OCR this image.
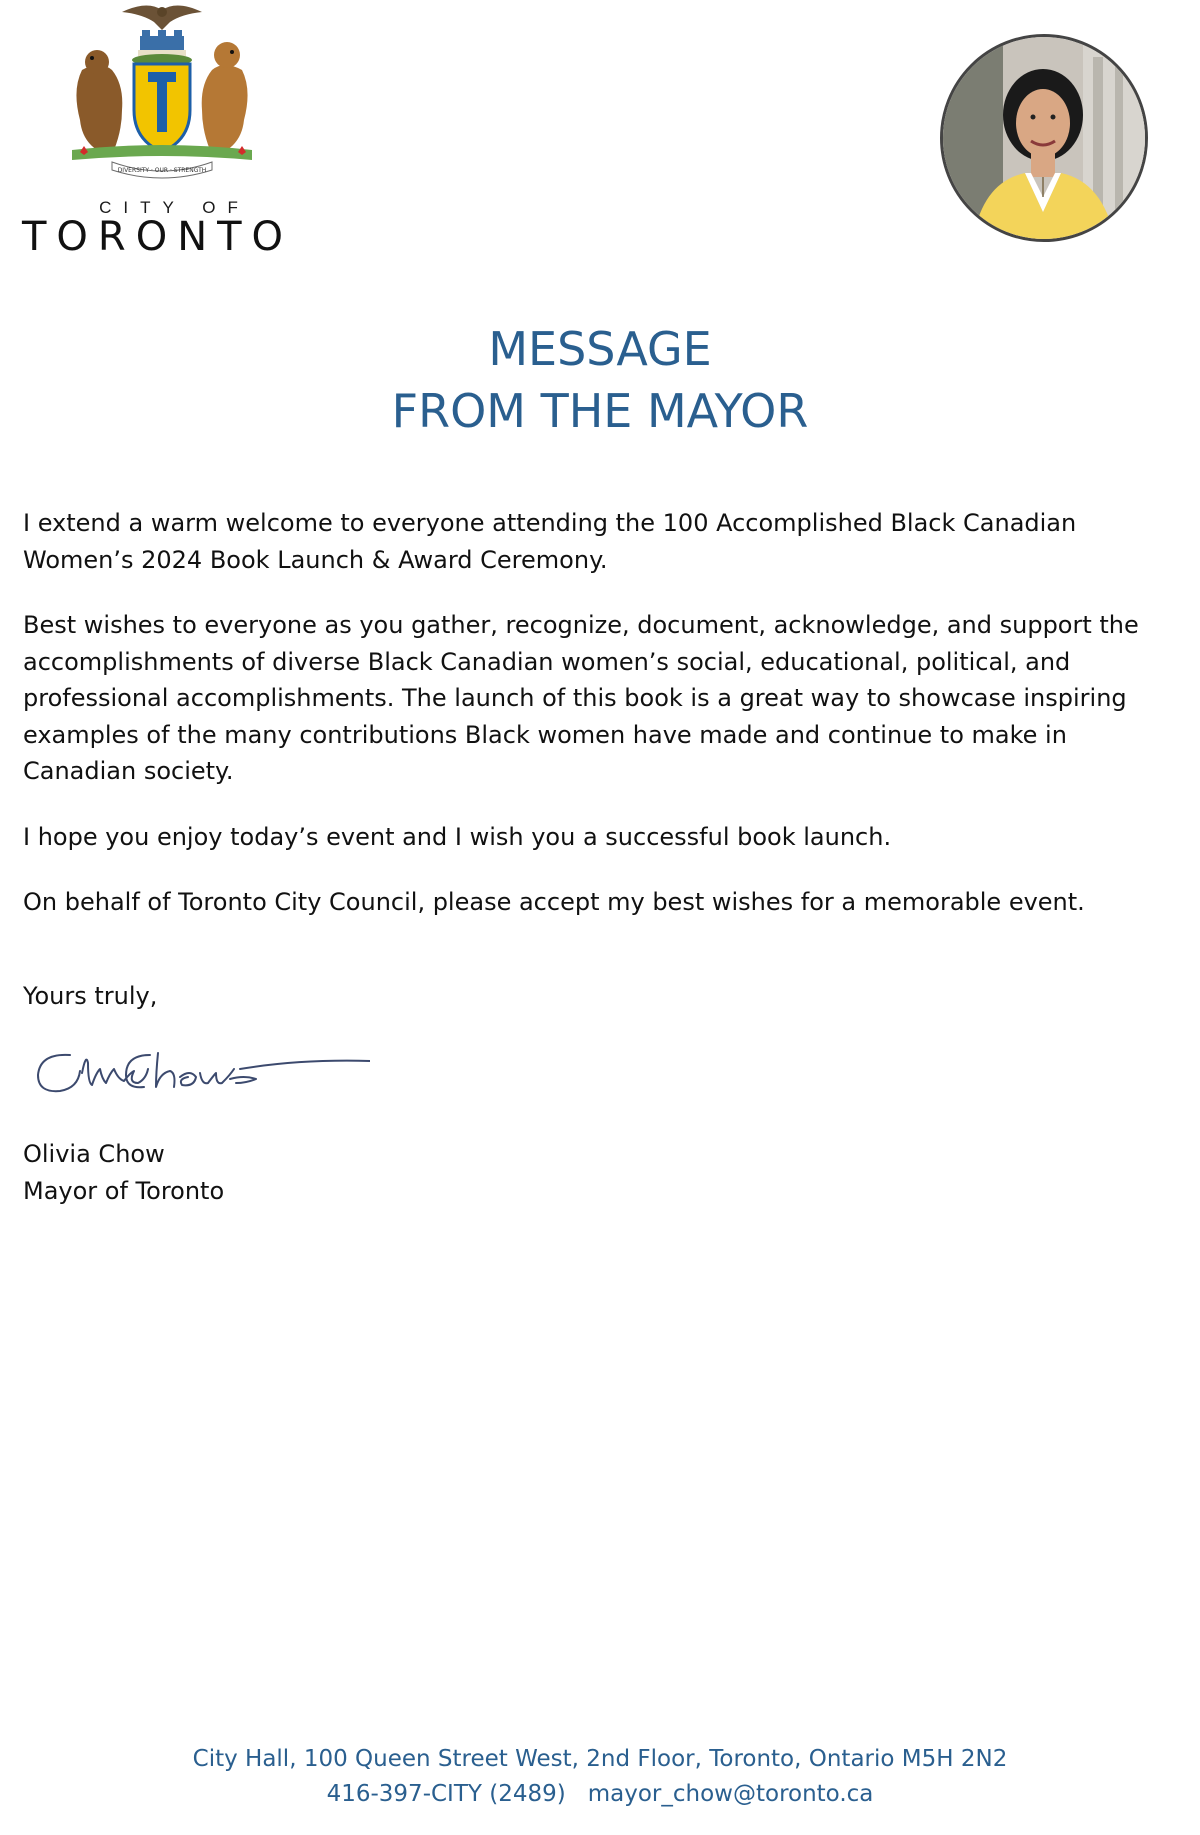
DIVERSITY · OUR · STRENGTH
CITY OF
TORONTO
MESSAGE
FROM THE MAYOR

I extend a warm welcome to everyone attending the 100 Accomplished Black Canadian Women’s 2024 Book Launch & Award Ceremony.

Best wishes to everyone as you gather, recognize, document, acknowledge, and support the accomplishments of diverse Black Canadian women’s social, educational, political, and professional accomplishments. The launch of this book is a great way to showcase inspiring examples of the many contributions Black women have made and continue to make in Canadian society.

I hope you enjoy today’s event and I wish you a successful book launch.

On behalf of Toronto City Council, please accept my best wishes for a memorable event.

Yours truly,
Olivia Chow
Mayor of Toronto
City Hall, 100 Queen Street West, 2nd Floor, Toronto, Ontario M5H 2N2
416-397-CITY (2489) mayor_chow@toronto.ca
